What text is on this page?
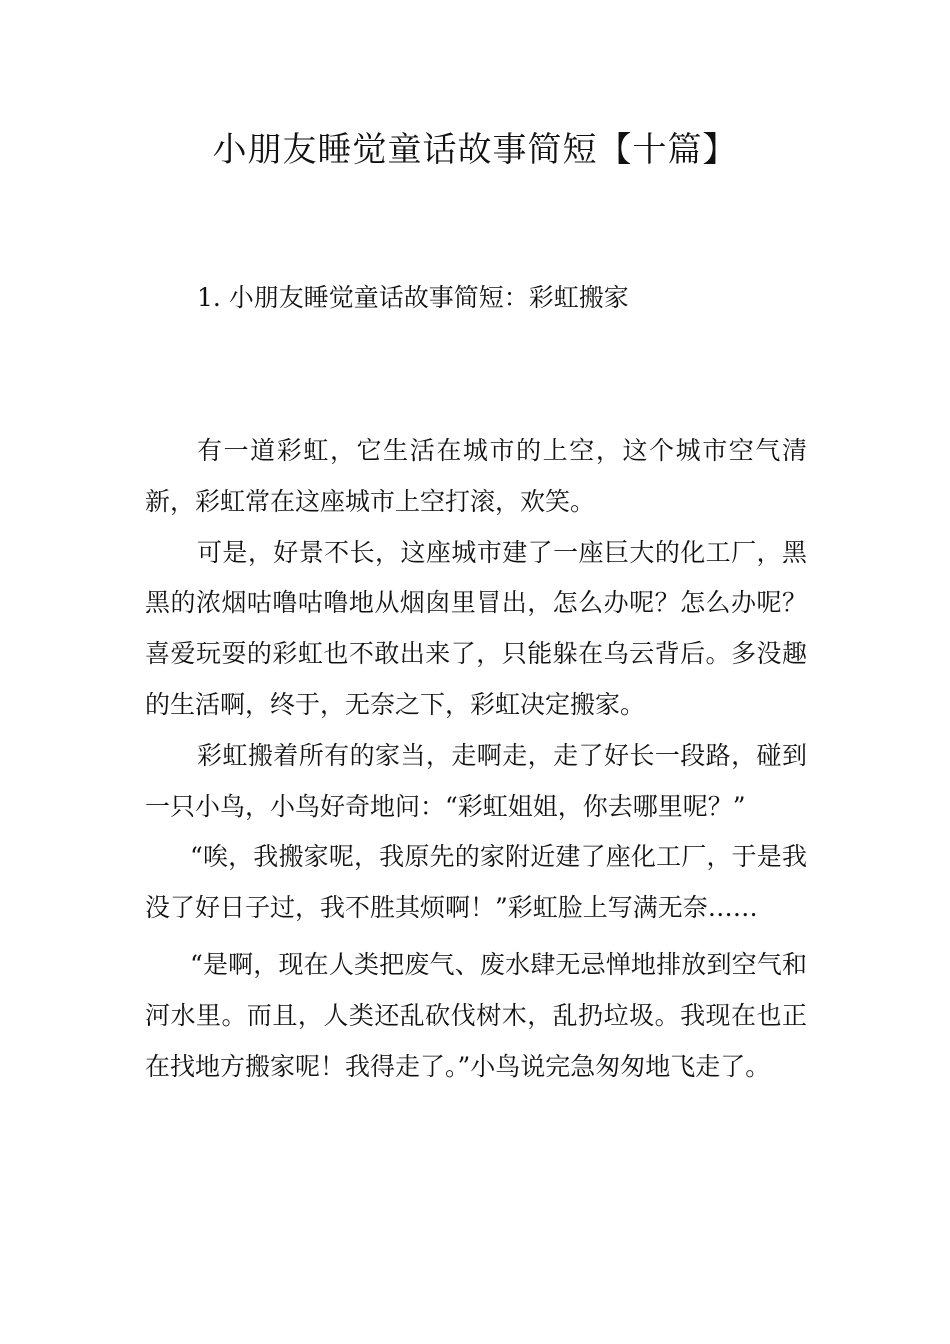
小朋友睡觉童话故事简短【十篇】
1. 小朋友睡觉童话故事简短：彩虹搬家

有一道彩虹，它生活在城市的上空，这个城市空气清新，彩虹常在这座城市上空打滚，欢笑。

可是，好景不长，这座城市建了一座巨大的化工厂，黑黑的浓烟咕噜咕噜地从烟囱里冒出，怎么办呢？怎么办呢？喜爱玩耍的彩虹也不敢出来了，只能躲在乌云背后。多没趣的生活啊，终于，无奈之下，彩虹决定搬家。

彩虹搬着所有的家当，走啊走，走了好长一段路，碰到一只小鸟，小鸟好奇地问：“彩虹姐姐，你去哪里呢？”

“唉，我搬家呢，我原先的家附近建了座化工厂，于是我没了好日子过，我不胜其烦啊！”彩虹脸上写满无奈……

“是啊，现在人类把废气、废水肆无忌惮地排放到空气和河水里。而且，人类还乱砍伐树木，乱扔垃圾。我现在也正在找地方搬家呢！我得走了。”小鸟说完急匆匆地飞走了。
